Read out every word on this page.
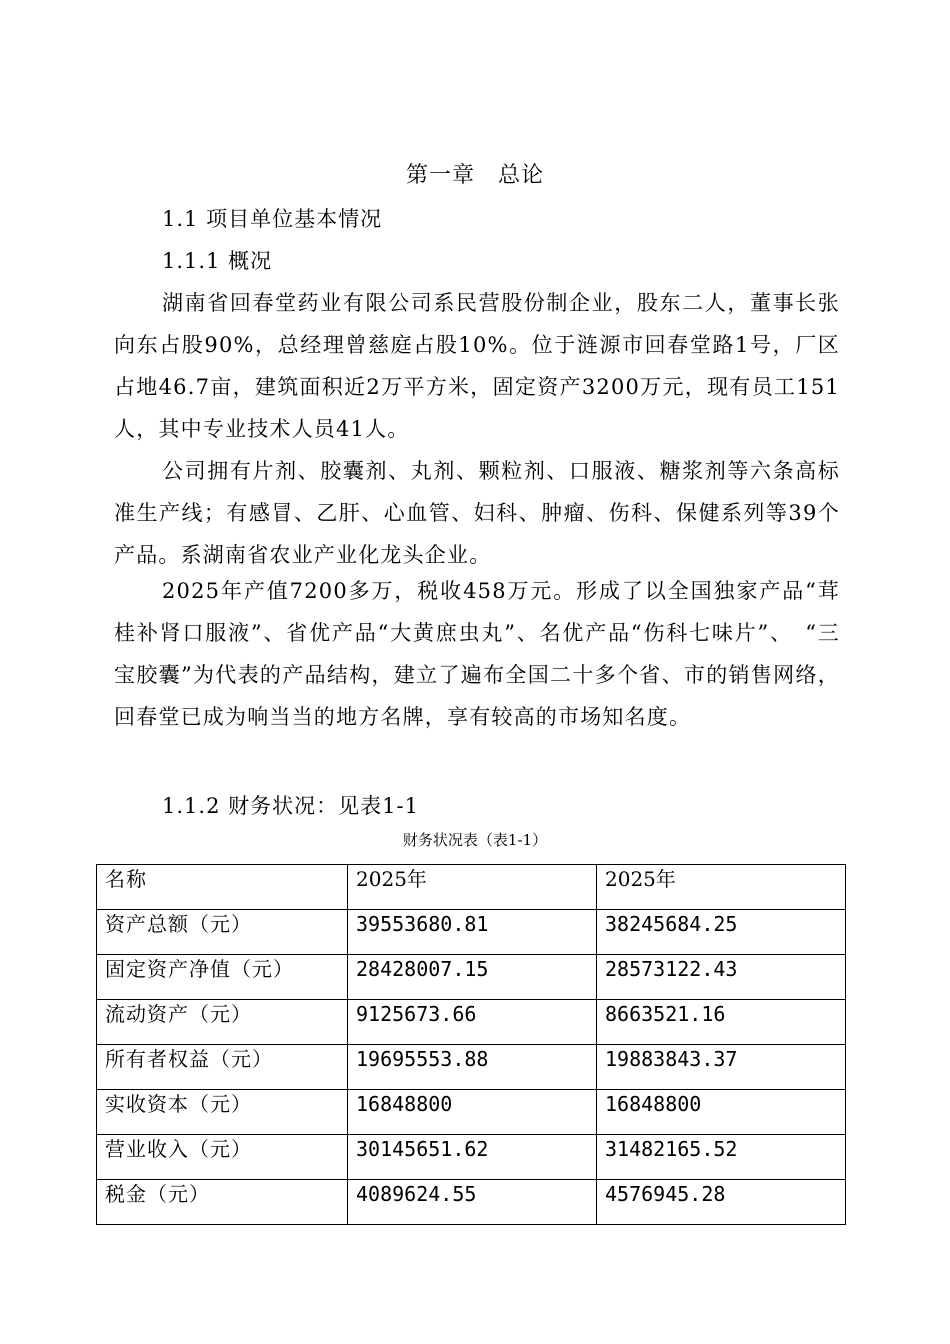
第一章　总论
1.1 项目单位基本情况
1.1.1 概况

湖南省回春堂药业有限公司系民营股份制企业，股东二人，董事长张向东占股90%，总经理曾慈庭占股10%。位于涟源市回春堂路1号，厂区占地46.7亩，建筑面积近2万平方米，固定资产3200万元，现有员工151人，其中专业技术人员41人。

公司拥有片剂、胶囊剂、丸剂、颗粒剂、口服液、糖浆剂等六条高标准生产线；有感冒、乙肝、心血管、妇科、肿瘤、伤科、保健系列等39个产品。系湖南省农业产业化龙头企业。

2025年产值7200多万，税收458万元。形成了以全国独家产品“茸桂补肾口服液”、省优产品“大黄庶虫丸”、名优产品“伤科七味片”、　“三宝胶囊”为代表的产品结构，建立了遍布全国二十多个省、市的销售网络，回春堂已成为响当当的地方名牌，享有较高的市场知名度。

1.1.2 财务状况：见表1-1
财务状况表（表1-1）
名称	2025年	2025年
资产总额（元）	39553680.81	38245684.25
固定资产净值（元）	28428007.15	28573122.43
流动资产（元）	9125673.66	8663521.16
所有者权益（元）	19695553.88	19883843.37
实收资本（元）	16848800	16848800
营业收入（元）	30145651.62	31482165.52
税金（元）	4089624.55	4576945.28
